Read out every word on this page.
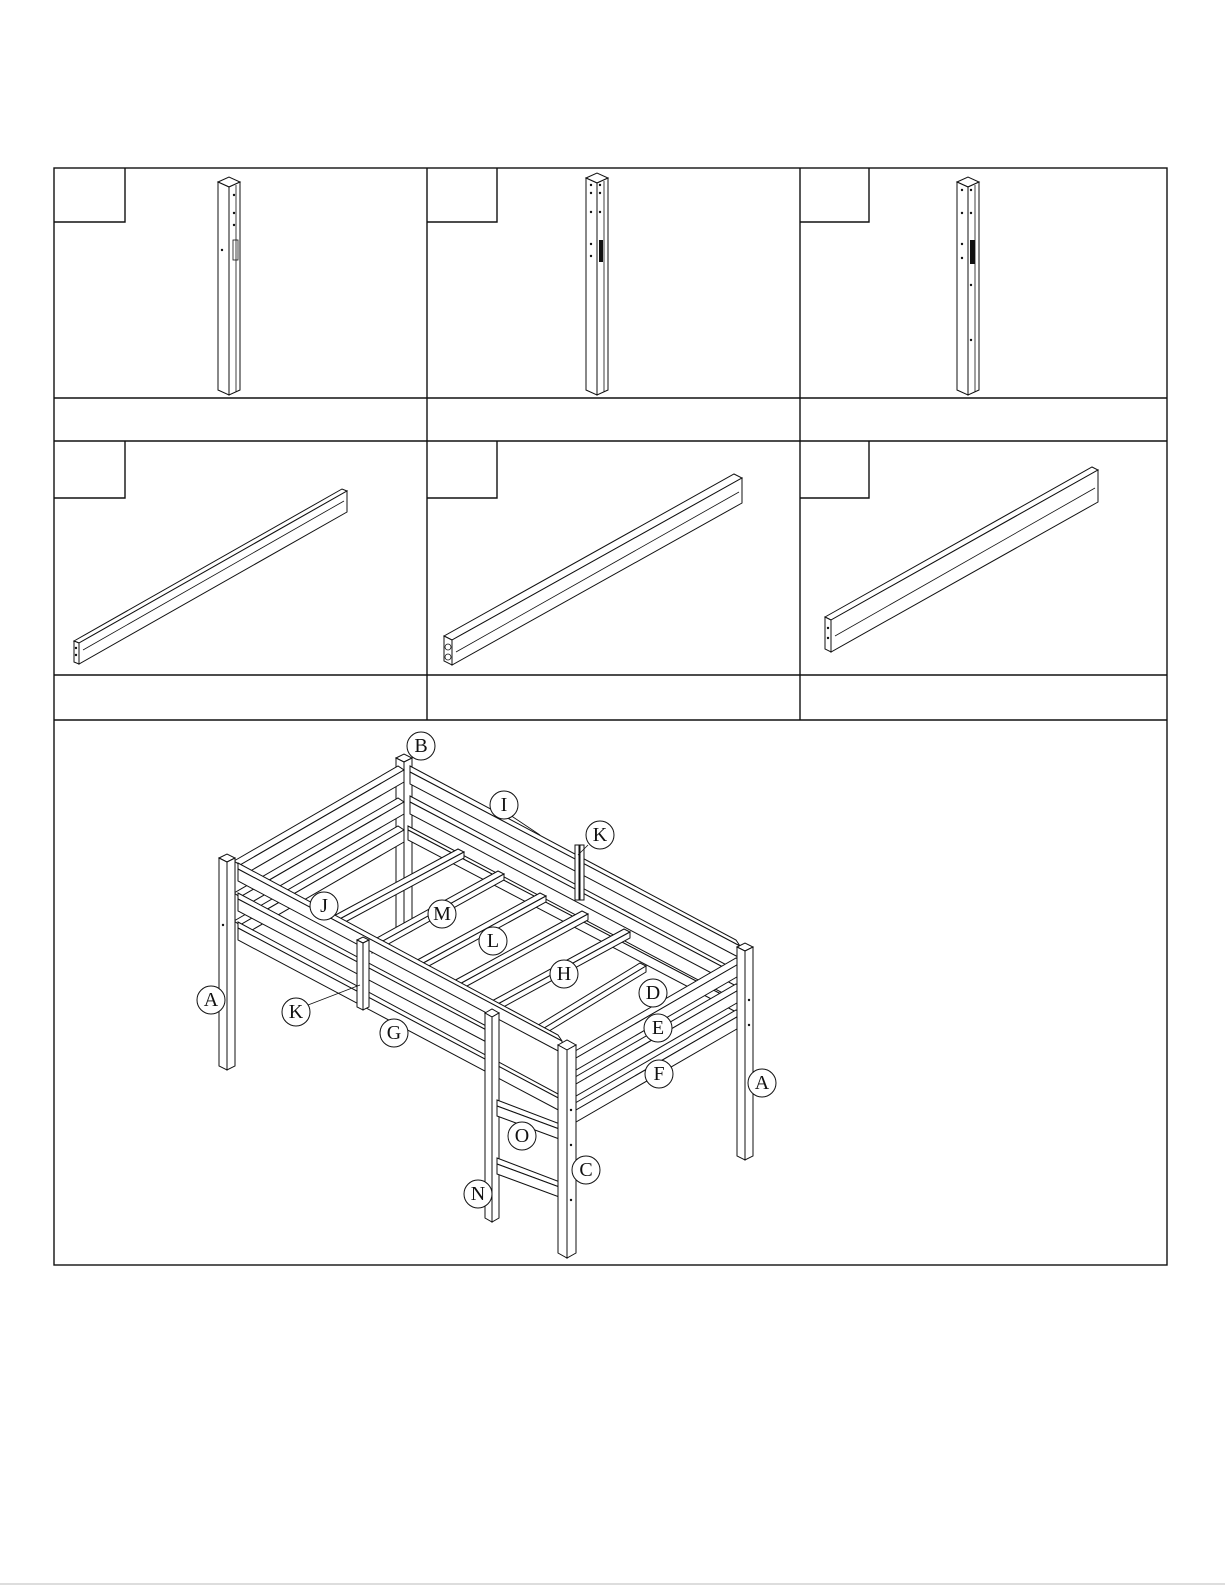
B
I
K
J	M
L
H
D
E
F
A
K
G
A
O
C
N
